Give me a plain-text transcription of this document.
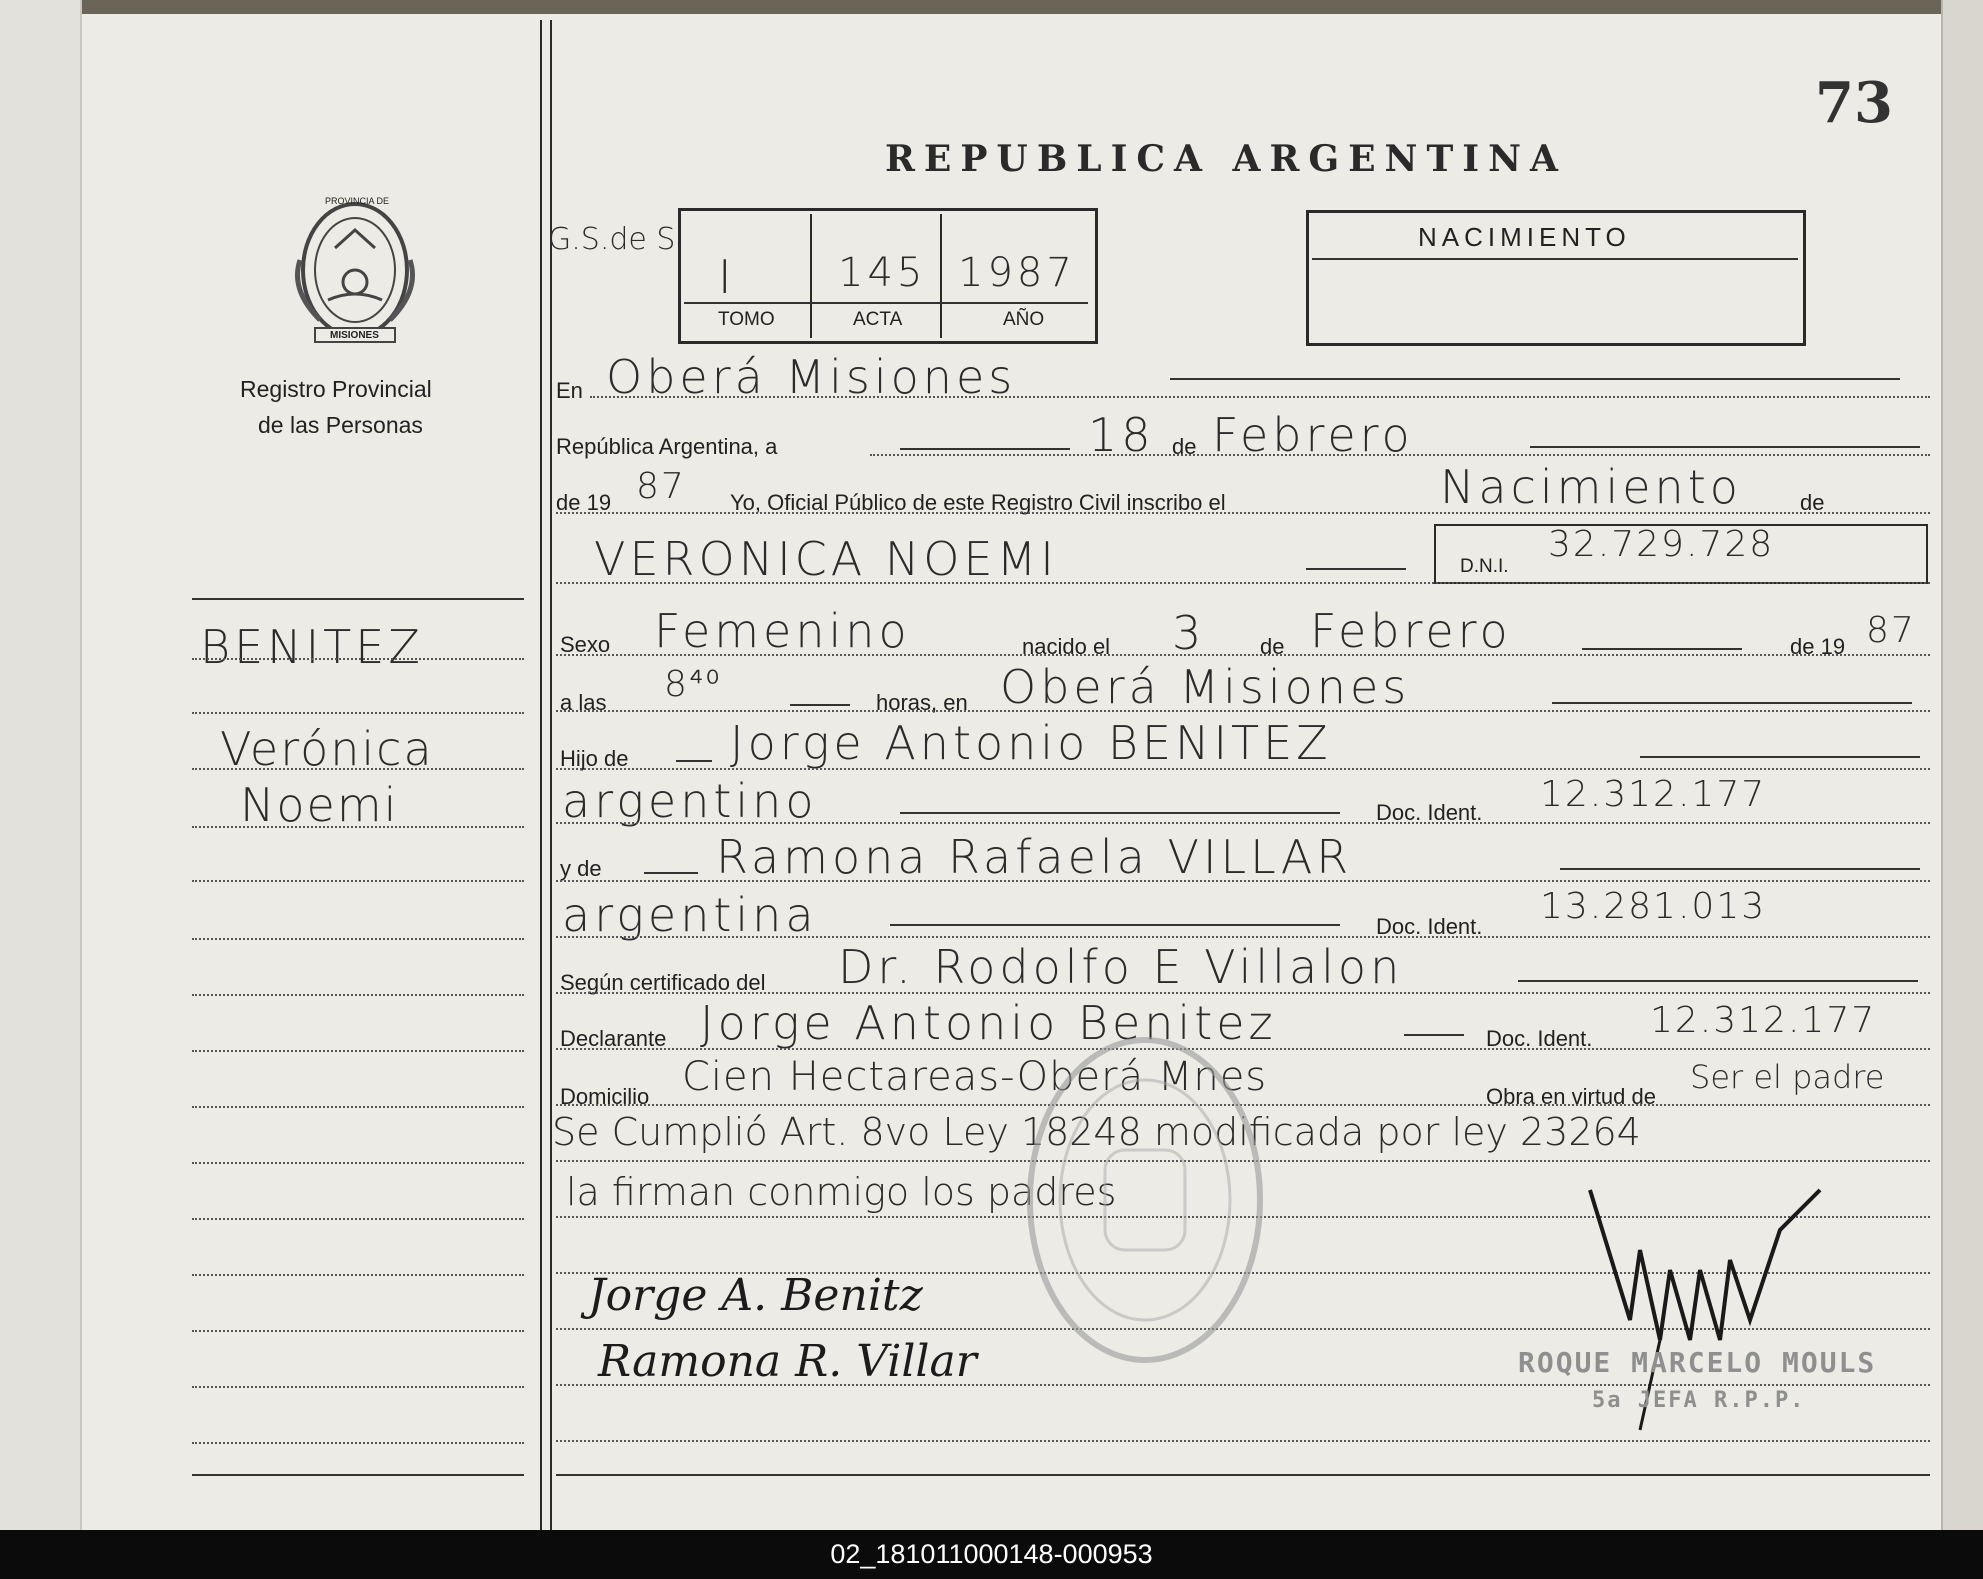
73
REPUBLICA ARGENTINA
PROVINCIA DE
MISIONES
Registro Provincial
de las Personas
G.S.de S.
I	145 1987
TOMO	ACTA	AÑO
NACIMIENTO
En Oberá Misiones
República Argentina, a	18 de Febrero
de 19 87 Yo, Oficial Público de este Registro Civil inscribo el	Nacimiento	de
VERONICA NOEMI	D.N.I.
32.729.728
BENITEZ
Verónica
Noemi
Sexo Femenino	nacido el 3 de Febrero	de 19 87
a las 8⁴⁰	horas, en Oberá Misiones
Hijo de Jorge Antonio BENITEZ
argentino	Doc. Ident. 12.312.177
y de Ramona Rafaela VILLAR
argentina	Doc. Ident. 13.281.013
Según certificado del Dr. Rodolfo E Villalon
Declarante Jorge Antonio Benitez	Doc. Ident. 12.312.177
Domicilio Cien Hectareas-Oberá Mnes	Obra en virtud de
Ser el padre
Se Cumplió Art. 8vo Ley 18248 modificada por ley 23264
la firman conmigo los padres
Jorge A. Benitz
Ramona R. Villar	ROQUE MARCELO MOULS
5a JEFA R.P.P.
02_181011000148-000953
